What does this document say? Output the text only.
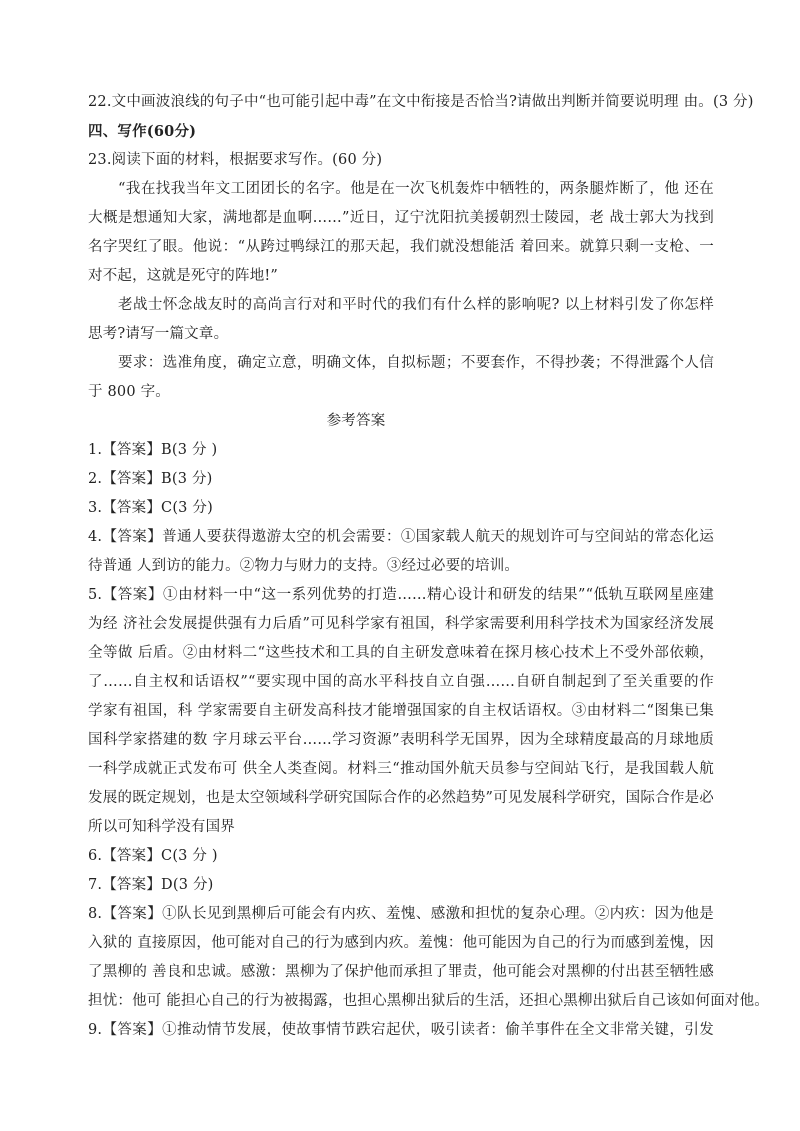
22.文中画波浪线的句子中“也可能引起中毒”在文中衔接是否恰当?请做出判断并简要说明理 由。(3 分)
四、写作(60分)
23.阅读下面的材料，根据要求写作。(60 分)
“我在找我当年文工团团长的名字。他是在一次飞机轰炸中牺牲的，两条腿炸断了，他 还在
大概是想通知大家，满地都是血啊……”近日，辽宁沈阳抗美援朝烈士陵园，老 战士郭大为找到
名字哭红了眼。他说：“从跨过鸭绿江的那天起，我们就没想能活 着回来。就算只剩一支枪、一
对不起，这就是死守的阵地!”
老战士怀念战友时的高尚言行对和平时代的我们有什么样的影响呢? 以上材料引发了你怎样
思考?请写一篇文章。
要求：选准角度，确定立意，明确文体，自拟标题；不要套作，不得抄袭；不得泄露个人信
于 800 字。
参考答案
1.【答案】B(3 分 )
2.【答案】B(3 分)
3.【答案】C(3 分)
4.【答案】普通人要获得遨游太空的机会需要：①国家载人航天的规划许可与空间站的常态化运
待普通 人到访的能力。②物力与财力的支持。③经过必要的培训。
5.【答案】①由材料一中“这一系列优势的打造……精心设计和研发的结果”“低轨互联网星座建
为经 济社会发展提供强有力后盾”可见科学家有祖国，科学家需要利用科学技术为国家经济发展
全等做 后盾。②由材料二“这些技术和工具的自主研发意味着在探月核心技术上不受外部依赖，
了……自主权和话语权”“要实现中国的高水平科技自立自强……自研自制起到了至关重要的作
学家有祖国，科 学家需要自主研发高科技才能增强国家的自主权话语权。③由材料二“图集已集
国科学家搭建的数 字月球云平台……学习资源”表明科学无国界，因为全球精度最高的月球地质
一科学成就正式发布可 供全人类查阅。材料三“推动国外航天员参与空间站飞行，是我国载人航
发展的既定规划，也是太空领域科学研究国际合作的必然趋势”可见发展科学研究，国际合作是必
所以可知科学没有国界
6.【答案】C(3 分 )
7.【答案】D(3 分)
8.【答案】①队长见到黑柳后可能会有内疚、羞愧、感激和担忧的复杂心理。②内疚：因为他是
入狱的 直接原因，他可能对自己的行为感到内疚。羞愧：他可能因为自己的行为而感到羞愧，因
了黑柳的 善良和忠诚。感激：黑柳为了保护他而承担了罪责，他可能会对黑柳的付出甚至牺牲感
担忧：他可 能担心自己的行为被揭露，也担心黑柳出狱后的生活，还担心黑柳出狱后自己该如何面对他。
9.【答案】①推动情节发展，使故事情节跌宕起伏，吸引读者：偷羊事件在全文非常关键，引发
